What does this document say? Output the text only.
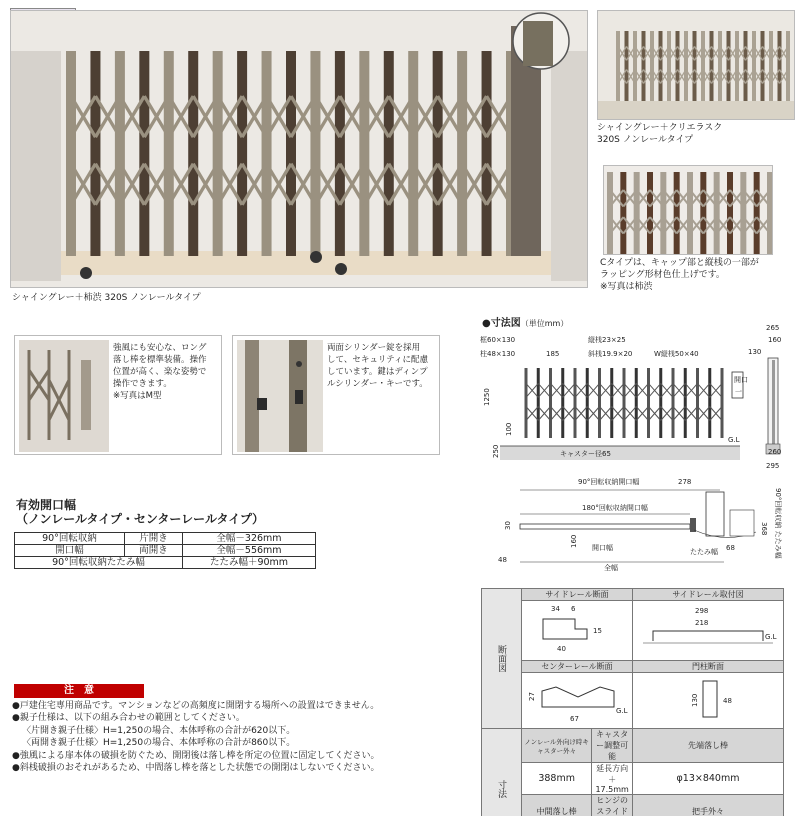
シャイングレー＋柿渋 320S ノンレールタイプ
シャイングレー＋クリエラスク
320S ノンレールタイプ
Cタイプは、キャップ部と縦桟の一部が
ラッピング形材色仕上げです。
※写真は柿渋
強風にも安心な、ロング
落し棒を標準装備。操作
位置が高く、楽な姿勢で
操作できます。
※写真はM型
両面シリンダー錠を採用
して、セキュリティに配慮
しています。鍵はディンプ
ルシリンダー・キーです。
有効開口幅
（ノンレールタイプ・センターレールタイプ）
90°回転収納	片開き	全幅－326mm
開口幅	両開き	全幅－556mm
90°回転収納たたみ幅		たたみ幅＋90mm
注　意
●戸建住宅専用商品です。マンションなどの高頻度に開閉する場所への設置はできません。
●親子仕様は、以下の組み合わせの範囲としてください。
〈片開き親子仕様〉H=1,250の場合、本体呼称の合計が620以下。
〈両開き親子仕様〉H=1,250の場合、本体呼称の合計が860以下。
●強風による扉本体の破損を防ぐため、開閉後は落し棒を所定の位置に固定してください。
●斜桟破損のおそれがあるため、中間落し棒を落とした状態での開閉はしないでください。
●寸法図（単位mm）
框60×130
柱48×130	185
縦桟23×25
斜桟19.9×20	W縦桟50×40
1250
100
250	キャスター径65
G.L
開口
一
265
160
130
260
295
90°回転収納開口幅	278
180°回転収納開口幅
30
48
160 開口幅	たたみ幅 68
全幅
368 90°回転収納 たたみ幅
断面図	サイドレール断面		サイドレール取付図

34 6
15
40		298
218
G.L

	センターレール断面		門柱断面

27
67
G.L		130 48

寸法	ノンレール外向け時キャスター外々	キャスター調整可能	先端落し棒
	388mm	延長方向＋17.5mm	φ13×840mm
	中間落し棒	ヒンジのスライド	把手外々
